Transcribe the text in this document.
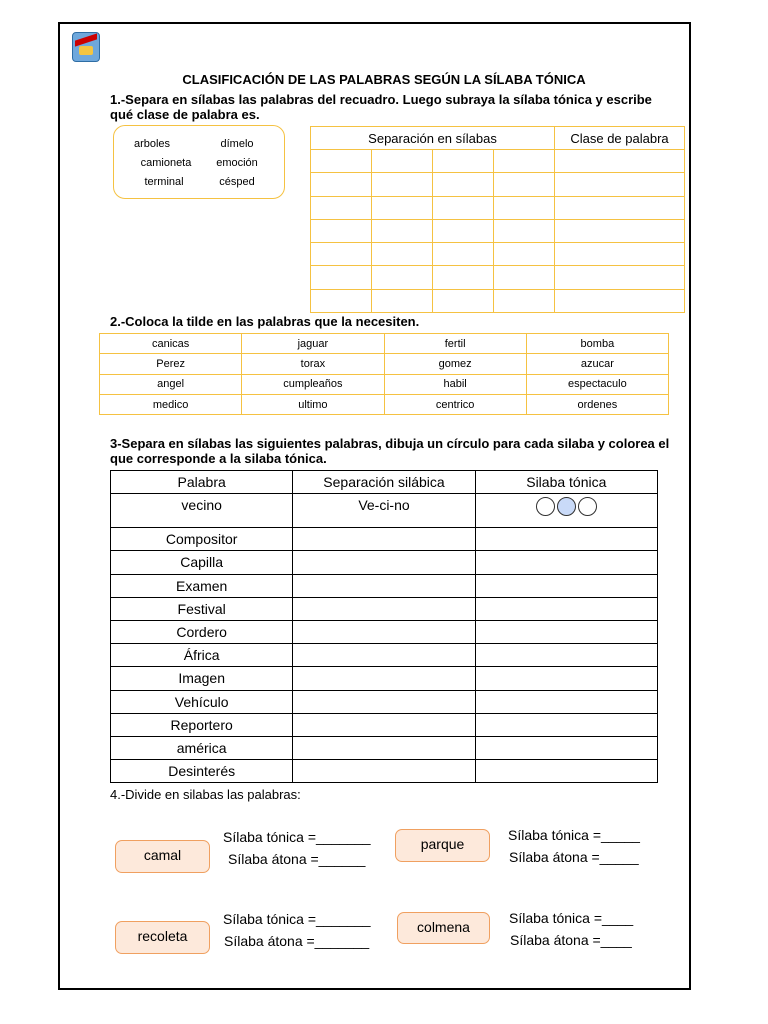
CLASIFICACIÓN DE LAS PALABRAS SEGÚN LA SÍLABA TÓNICA
1.-Separa en sílabas las palabras del recuadro. Luego subraya la sílaba tónica y escribe qué clase de palabra es.
arboles	dímelo
camioneta	emoción
terminal	césped
Separación en sílabas				Clase de palabra

2.-Coloca la tilde en las palabras que la necesiten.
canicas	jaguar	fertil	bomba
Perez	torax	gomez	azucar
angel	cumpleaños	habil	espectaculo
medico	ultimo	centrico	ordenes
3-Separa en sílabas las siguientes palabras, dibuja un círculo para cada silaba y colorea el que corresponde a la silaba tónica.
Palabra	Separación silábica	Silaba tónica
vecino	Ve-ci-no	
Compositor		
Capilla		
Examen		
Festival		
Cordero		
África		
Imagen		
Vehículo		
Reportero		
américa		
Desinterés		
4.-Divide en silabas las palabras:
camal
Sílaba tónica =_______
Sílaba átona =______
parque
Sílaba tónica =_____
Sílaba átona =_____
recoleta
Sílaba tónica =_______
Sílaba átona =_______
colmena
Sílaba tónica =____
Sílaba átona =____
